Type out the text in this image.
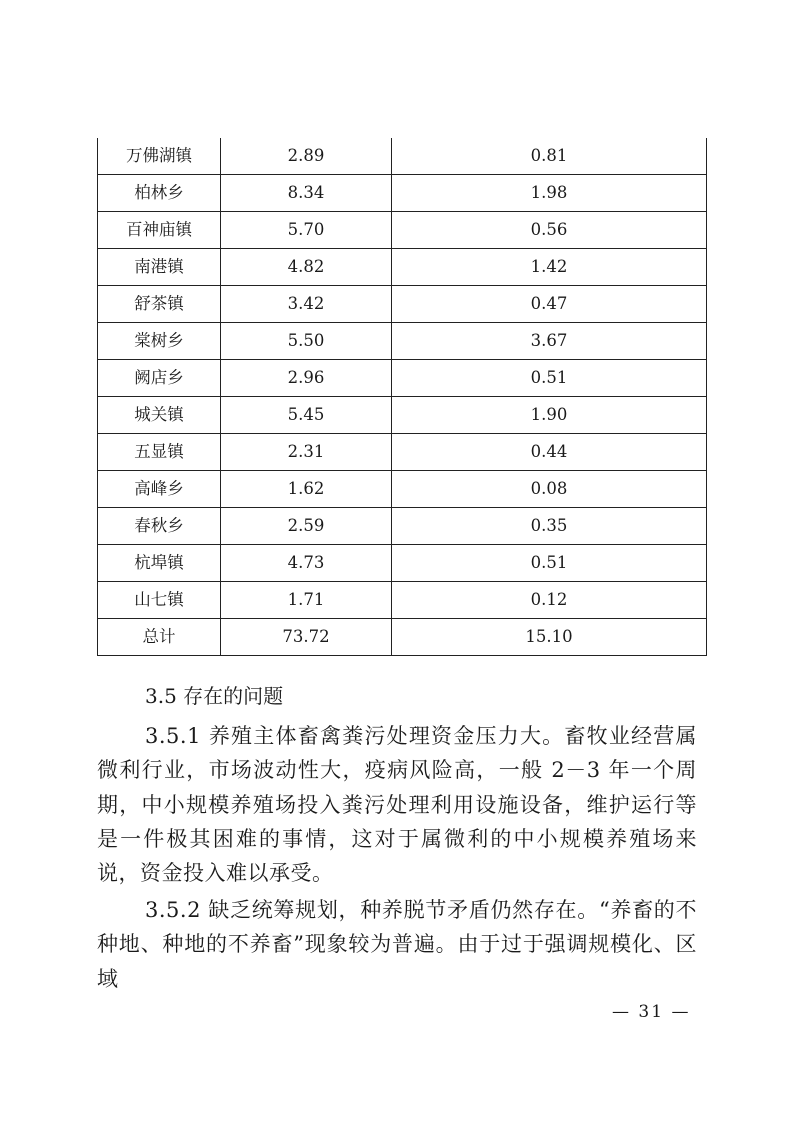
万佛湖镇	2.89	0.81
柏林乡	8.34	1.98
百神庙镇	5.70	0.56
南港镇	4.82	1.42
舒茶镇	3.42	0.47
棠树乡	5.50	3.67
阙店乡	2.96	0.51
城关镇	5.45	1.90
五显镇	2.31	0.44
高峰乡	1.62	0.08
春秋乡	2.59	0.35
杭埠镇	4.73	0.51
山七镇	1.71	0.12
总计	73.72	15.10
3.5 存在的问题

3.5.1 养殖主体畜禽粪污处理资金压力大。畜牧业经营属微利行业，市场波动性大，疫病风险高，一般 2－3 年一个周期，中小规模养殖场投入粪污处理利用设施设备，维护运行等是一件极其困难的事情，这对于属微利的中小规模养殖场来说，资金投入难以承受。

3.5.2 缺乏统筹规划，种养脱节矛盾仍然存在。“养畜的不种地、种地的不养畜”现象较为普遍。由于过于强调规模化、区域

— 31 —
